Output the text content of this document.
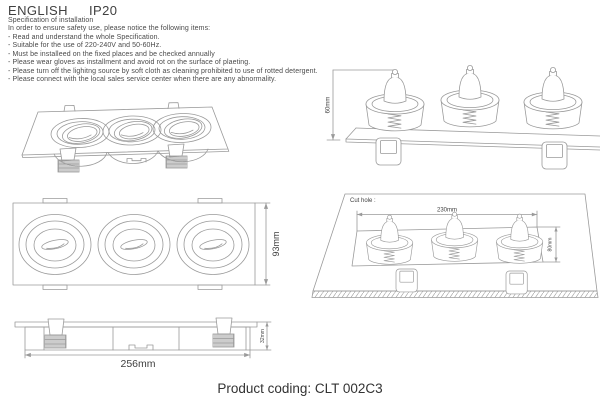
ENGLISH IP20
Specification of installation
In order to ensure safety use, please notice the following items:
- Read and understand the whole Specification.
- Suitable for the use of 220-240V and 50-60Hz.
- Must be installeed on the fixed places and be checked annually
- Please wear gloves as installment and avoid rot on the surface of plaeting.
- Please turn off the lighitng source by soft cloth as cleaning prohibited to use of rotted detergent.
- Please connect with the local sales service center when there are any abnormality.
93mm
256mm
32mm
60mm
Cut hole :
230mm
80mm
Product coding: CLT 002C3
